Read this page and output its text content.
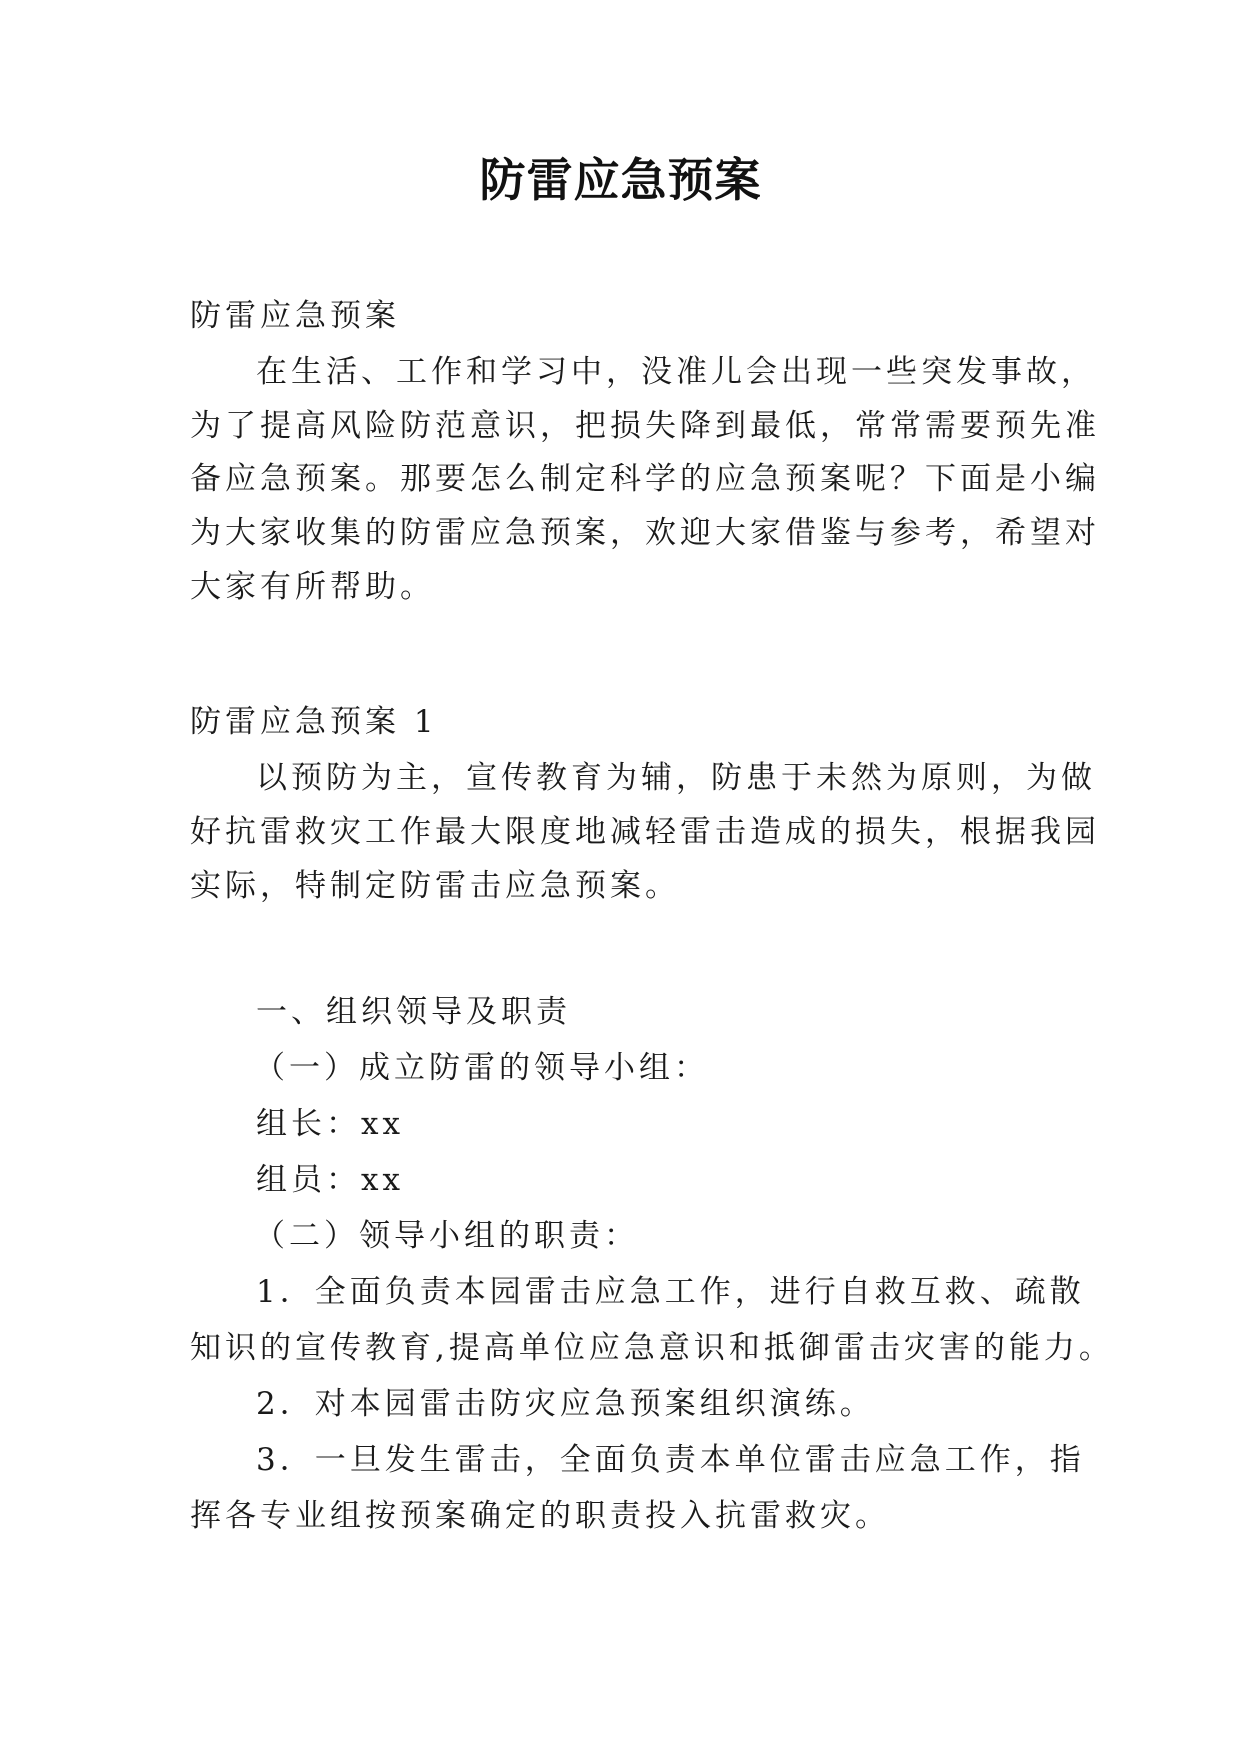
防雷应急预案
防雷应急预案
在生活、工作和学习中，没准儿会出现一些突发事故，
为了提高风险防范意识，把损失降到最低，常常需要预先准
备应急预案。那要怎么制定科学的应急预案呢？下面是小编
为大家收集的防雷应急预案，欢迎大家借鉴与参考，希望对
大家有所帮助。
防雷应急预案 1
以预防为主，宣传教育为辅，防患于未然为原则，为做
好抗雷救灾工作最大限度地减轻雷击造成的损失，根据我园
实际，特制定防雷击应急预案。
一、组织领导及职责
（一）成立防雷的领导小组：
组长：xx
组员：xx
（二）领导小组的职责：
1．全面负责本园雷击应急工作，进行自救互救、疏散
知识的宣传教育,提高单位应急意识和抵御雷击灾害的能力。
2．对本园雷击防灾应急预案组织演练。
3．一旦发生雷击，全面负责本单位雷击应急工作，指
挥各专业组按预案确定的职责投入抗雷救灾。
